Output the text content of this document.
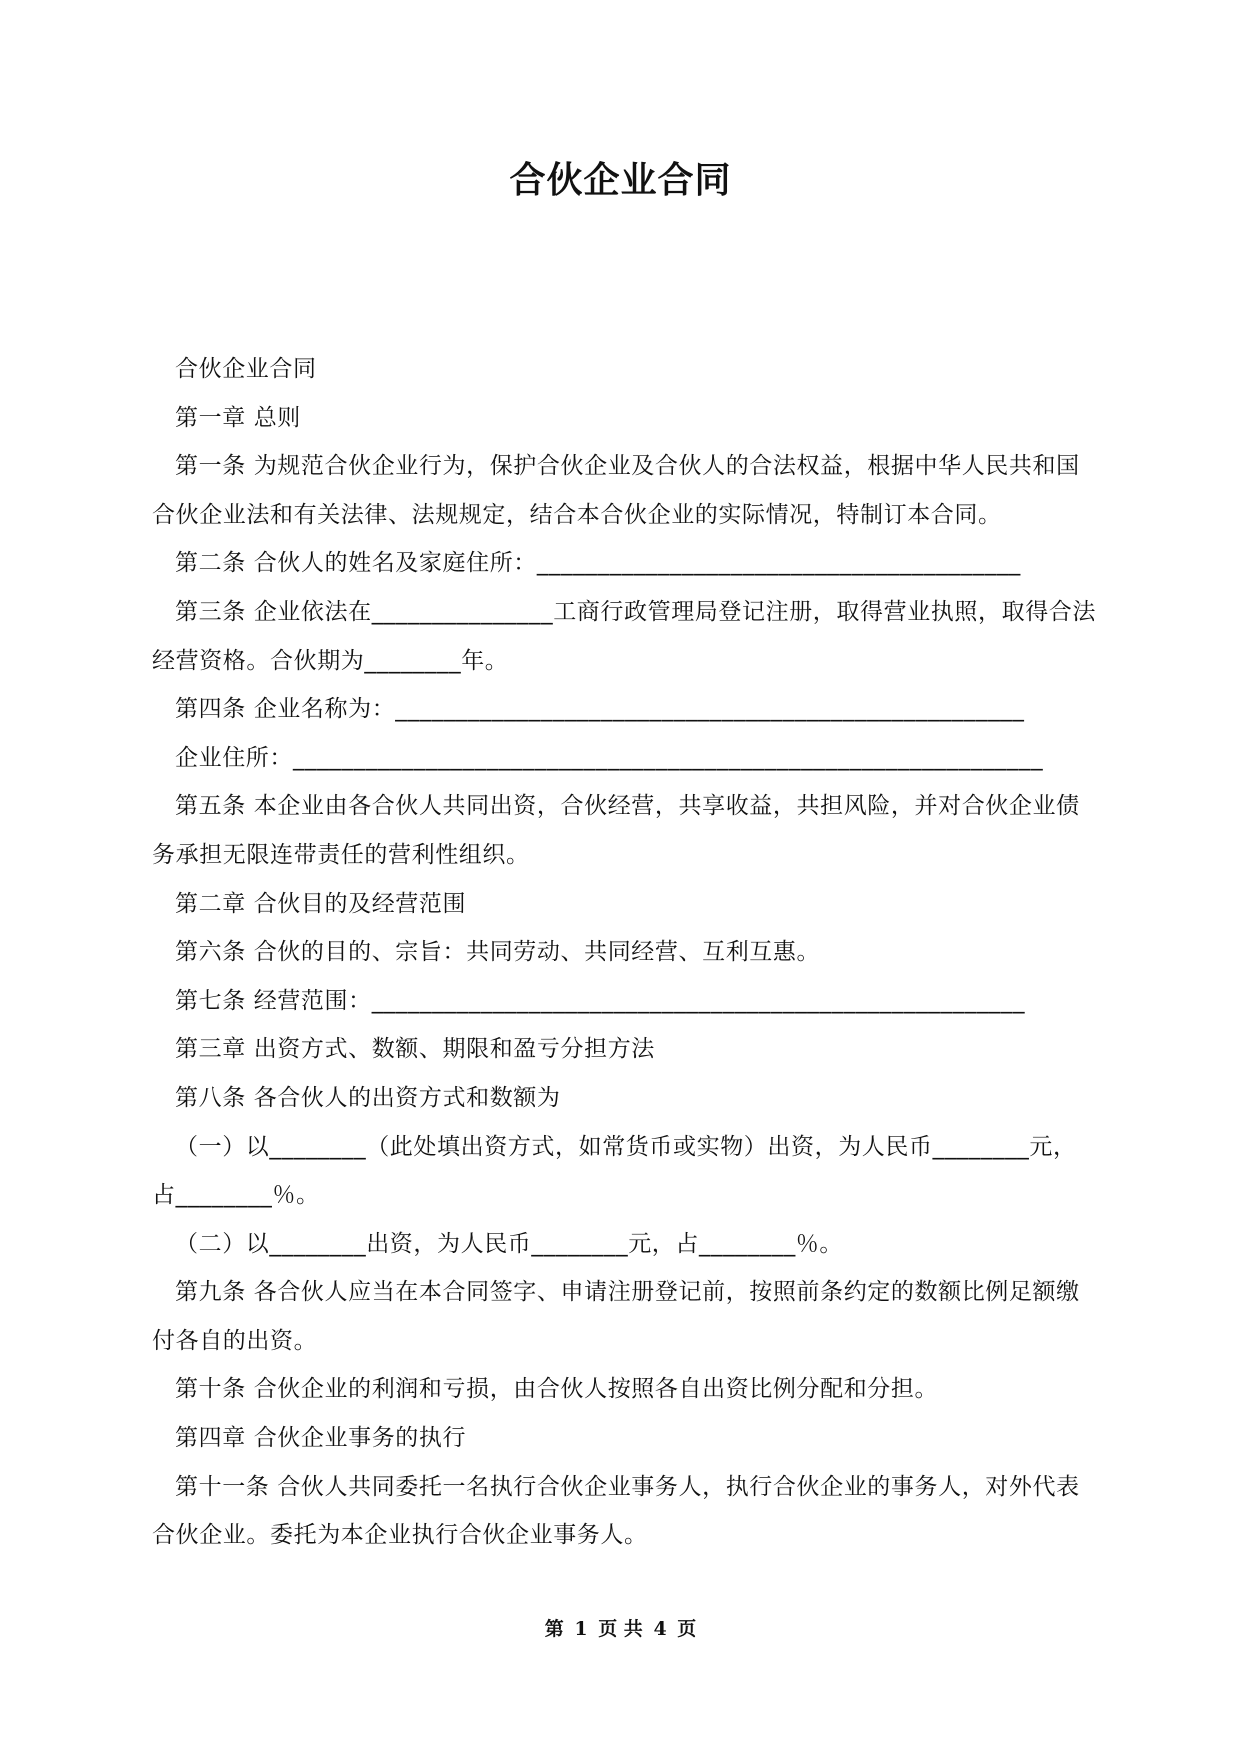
合伙企业合同

合伙企业合同

第一章 总则

第一条 为规范合伙企业行为，保护合伙企业及合伙人的合法权益，根据中华人民共和国合伙企业法和有关法律、法规规定，结合本合伙企业的实际情况，特制订本合同。

第二条 合伙人的姓名及家庭住所：________________________________________

第三条 企业依法在_______________工商行政管理局登记注册，取得营业执照，取得合法经营资格。合伙期为________年。

第四条 企业名称为：____________________________________________________

企业住所：______________________________________________________________

第五条 本企业由各合伙人共同出资，合伙经营，共享收益，共担风险，并对合伙企业债务承担无限连带责任的营利性组织。

第二章 合伙目的及经营范围

第六条 合伙的目的、宗旨：共同劳动、共同经营、互利互惠。

第七条 经营范围：______________________________________________________

第三章 出资方式、数额、期限和盈亏分担方法

第八条 各合伙人的出资方式和数额为

（一）以________（此处填出资方式，如常货币或实物）出资，为人民币________元，占________％。

（二）以________出资，为人民币________元，占________％。

第九条 各合伙人应当在本合同签字、申请注册登记前，按照前条约定的数额比例足额缴付各自的出资。

第十条 合伙企业的利润和亏损，由合伙人按照各自出资比例分配和分担。

第四章 合伙企业事务的执行

第十一条 合伙人共同委托一名执行合伙企业事务人，执行合伙企业的事务人，对外代表合伙企业。委托为本企业执行合伙企业事务人。

第 1 页 共 4 页
